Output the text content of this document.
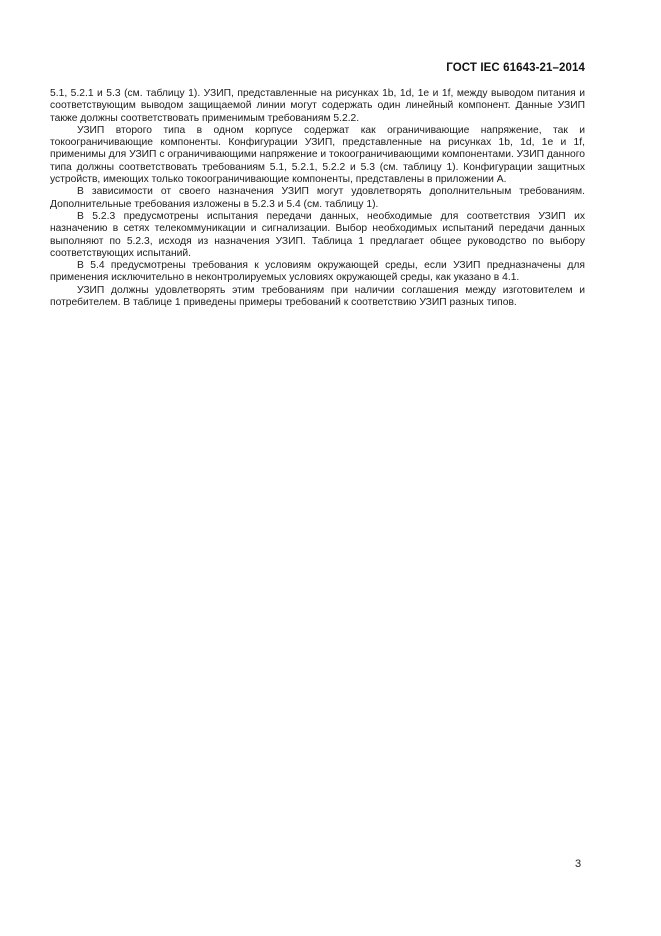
ГОСТ IEC 61643-21–2014

5.1, 5.2.1 и 5.3 (см. таблицу 1). УЗИП, представленные на рисунках 1b, 1d, 1e и 1f, между выводом питания и соответствующим выводом защищаемой линии могут содержать один линейный компонент. Данные УЗИП также должны соответствовать применимым требованиям 5.2.2.

УЗИП второго типа в одном корпусе содержат как ограничивающие напряжение, так и токоограничивающие компоненты. Конфигурации УЗИП, представленные на рисунках 1b, 1d, 1e и 1f, применимы для УЗИП с ограничивающими напряжение и токоограничивающими компонентами. УЗИП данного типа должны соответствовать требованиям 5.1, 5.2.1, 5.2.2 и 5.3 (см. таблицу 1). Конфигурации защитных устройств, имеющих только токоограничивающие компоненты, представлены в приложении А.

В зависимости от своего назначения УЗИП могут удовлетворять дополнительным требованиям. Дополнительные требования изложены в 5.2.3 и 5.4 (см. таблицу 1).

В 5.2.3 предусмотрены испытания передачи данных, необходимые для соответствия УЗИП их назначению в сетях телекоммуникации и сигнализации. Выбор необходимых испытаний передачи данных выполняют по 5.2.3, исходя из назначения УЗИП. Таблица 1 предлагает общее руководство по выбору соответствующих испытаний.

В 5.4 предусмотрены требования к условиям окружающей среды, если УЗИП предназначены для применения исключительно в неконтролируемых условиях окружающей среды, как указано в 4.1.

УЗИП должны удовлетворять этим требованиям при наличии соглашения между изготовителем и потребителем. В таблице 1 приведены примеры требований к соответствию УЗИП разных типов.

3
